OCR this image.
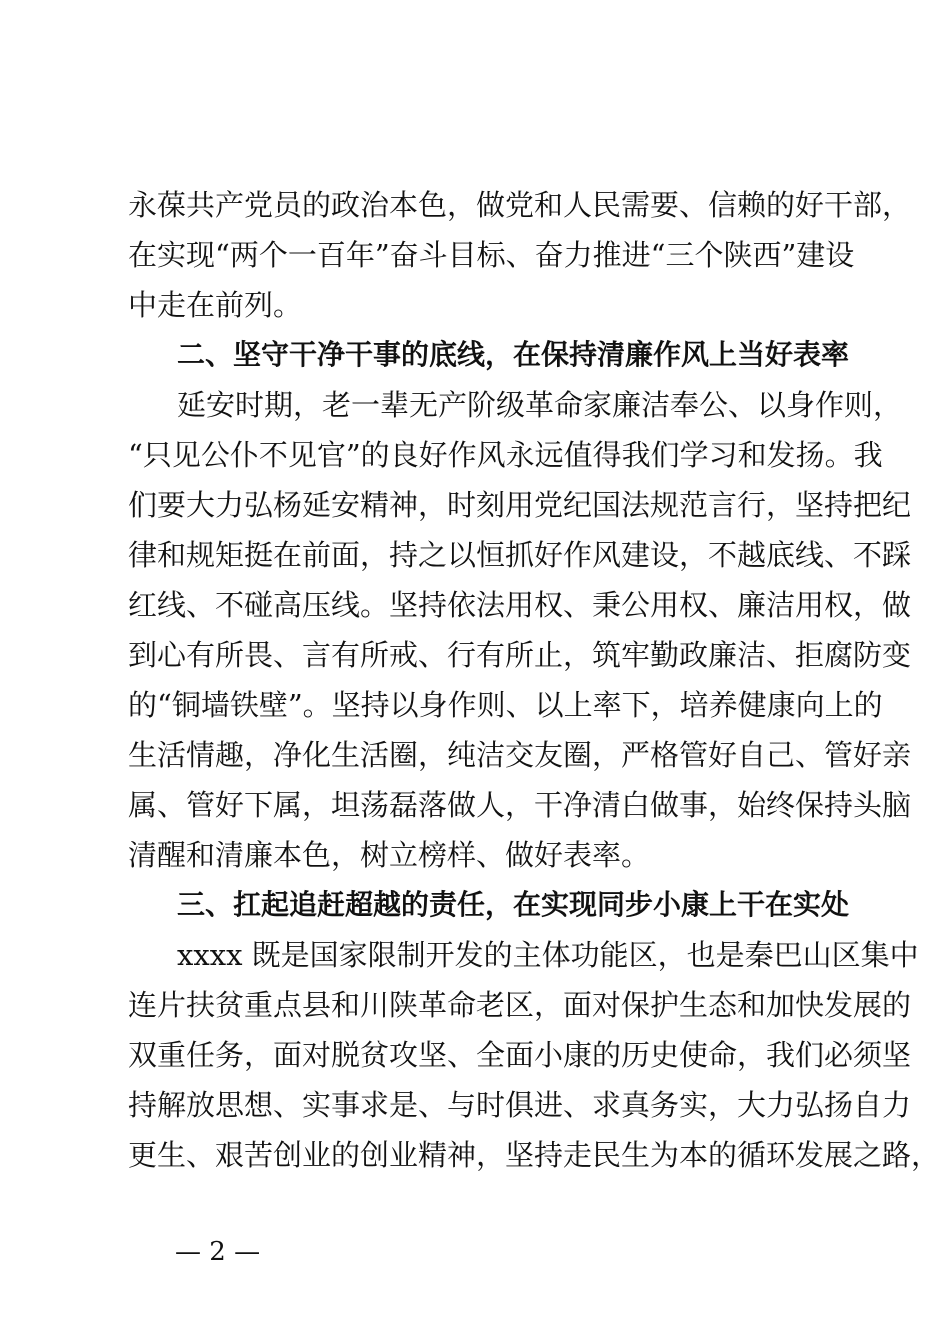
永葆共产党员的政治本色，做党和人民需要、信赖的好干部，
在实现“两个一百年”奋斗目标、奋力推进“三个陕西”建设
中走在前列。
二、坚守干净干事的底线，在保持清廉作风上当好表率
延安时期，老一辈无产阶级革命家廉洁奉公、以身作则，
“只见公仆不见官”的良好作风永远值得我们学习和发扬。我
们要大力弘杨延安精神，时刻用党纪国法规范言行，坚持把纪
律和规矩挺在前面，持之以恒抓好作风建设，不越底线、不踩
红线、不碰高压线。坚持依法用权、秉公用权、廉洁用权，做
到心有所畏、言有所戒、行有所止，筑牢勤政廉洁、拒腐防变
的“铜墙铁壁”。坚持以身作则、以上率下，培养健康向上的
生活情趣，净化生活圈，纯洁交友圈，严格管好自己、管好亲
属、管好下属，坦荡磊落做人，干净清白做事，始终保持头脑
清醒和清廉本色，树立榜样、做好表率。
三、扛起追赶超越的责任，在实现同步小康上干在实处
xxxx 既是国家限制开发的主体功能区，也是秦巴山区集中
连片扶贫重点县和川陕革命老区，面对保护生态和加快发展的
双重任务，面对脱贫攻坚、全面小康的历史使命，我们必须坚
持解放思想、实事求是、与时俱进、求真务实，大力弘扬自力
更生、艰苦创业的创业精神，坚持走民生为本的循环发展之路，
— 2 —
